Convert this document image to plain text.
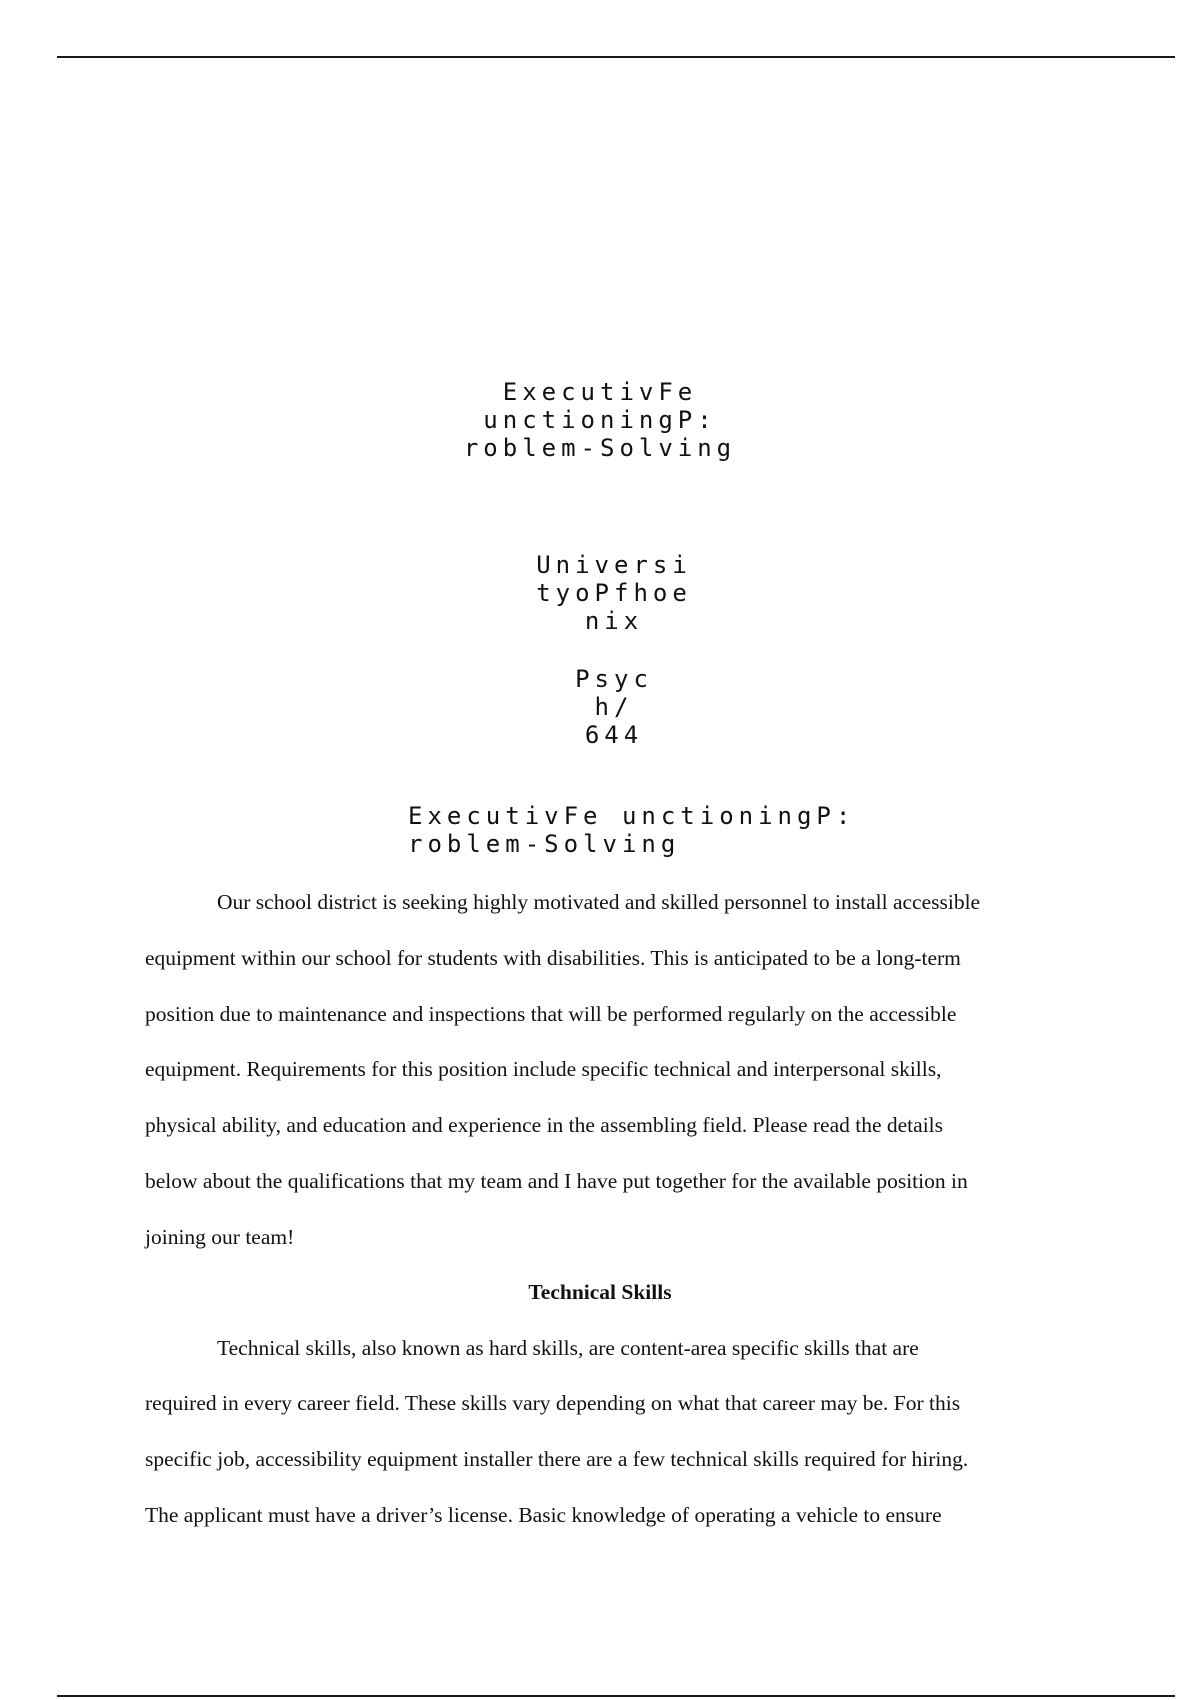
ExecutivFe
unctioningP:
roblem-Solving
Universi
tyoPfhoe
nix
Psyc
h/
644
ExecutivFe unctioningP:
roblem-Solving
Our school district is seeking highly motivated and skilled personnel to install accessible
equipment within our school for students with disabilities. This is anticipated to be a long-term
position due to maintenance and inspections that will be performed regularly on the accessible
equipment. Requirements for this position include specific technical and interpersonal skills,
physical ability, and education and experience in the assembling field. Please read the details
below about the qualifications that my team and I have put together for the available position in
joining our team!
Technical Skills
Technical skills, also known as hard skills, are content-area specific skills that are
required in every career field. These skills vary depending on what that career may be. For this
specific job, accessibility equipment installer there are a few technical skills required for hiring.
The applicant must have a driver’s license. Basic knowledge of operating a vehicle to ensure
